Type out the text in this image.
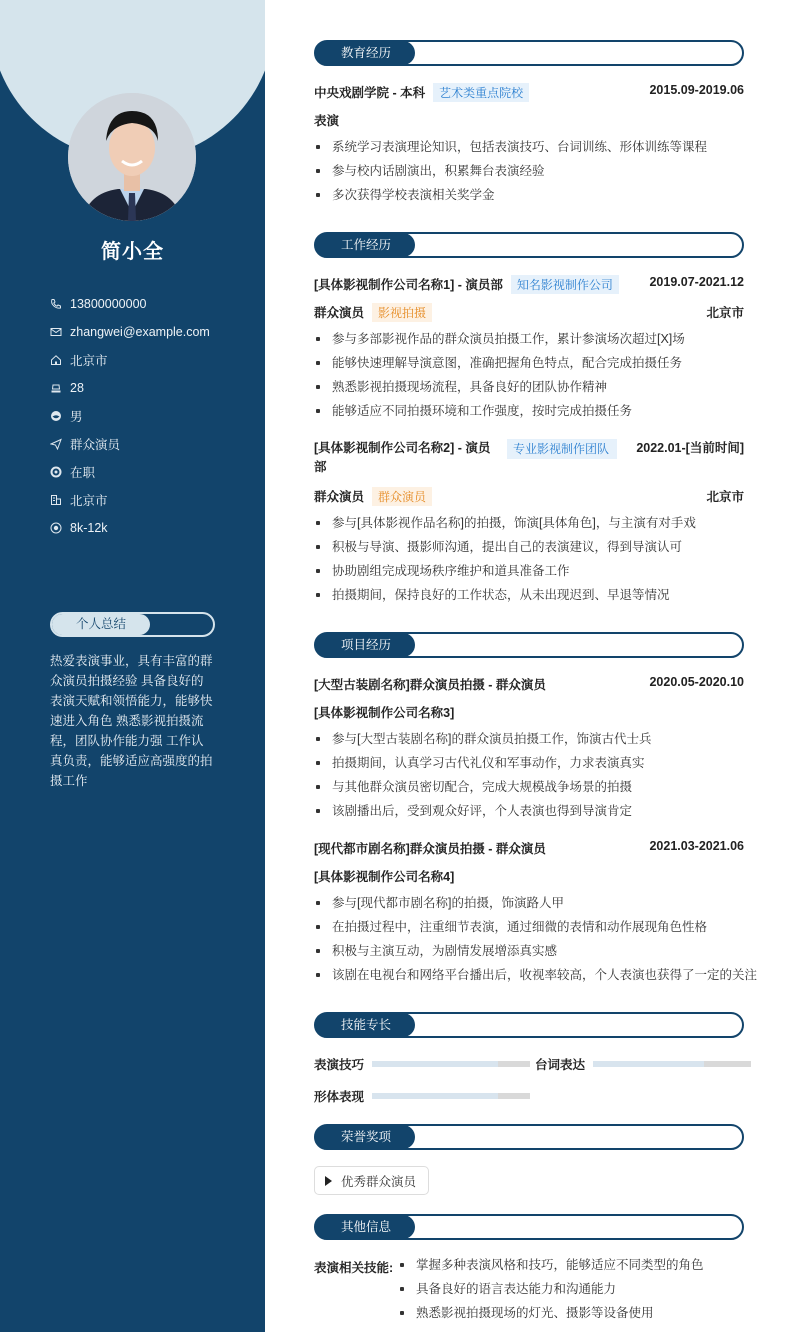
简小全
13800000000
zhangwei@example.com
北京市
28
男
群众演员
在职
北京市
8k-12k
个人总结
热爱表演事业，具有丰富的群众演员拍摄经验 具备良好的表演天赋和领悟能力，能够快速进入角色 熟悉影视拍摄流程，团队协作能力强 工作认真负责，能够适应高强度的拍摄工作
教育经历
中央戏剧学院 - 本科	艺术类重点院校	2015.09-2019.06
表演
系统学习表演理论知识，包括表演技巧、台词训练、形体训练等课程
参与校内话剧演出，积累舞台表演经验
多次获得学校表演相关奖学金
工作经历
[具体影视制作公司名称1] - 演员部	知名影视制作公司	2019.07-2021.12
群众演员	影视拍摄	北京市
参与多部影视作品的群众演员拍摄工作，累计参演场次超过[X]场
能够快速理解导演意图，准确把握角色特点，配合完成拍摄任务
熟悉影视拍摄现场流程，具备良好的团队协作精神
能够适应不同拍摄环境和工作强度，按时完成拍摄任务
[具体影视制作公司名称2] - 演员部
专业影视制作团队	2022.01-[当前时间]
群众演员	群众演员	北京市
参与[具体影视作品名称]的拍摄，饰演[具体角色]，与主演有对手戏
积极与导演、摄影师沟通，提出自己的表演建议，得到导演认可
协助剧组完成现场秩序维护和道具准备工作
拍摄期间，保持良好的工作状态，从未出现迟到、早退等情况
项目经历
[大型古装剧名称]群众演员拍摄 - 群众演员	2020.05-2020.10
[具体影视制作公司名称3]
参与[大型古装剧名称]的群众演员拍摄工作，饰演古代士兵
拍摄期间，认真学习古代礼仪和军事动作，力求表演真实
与其他群众演员密切配合，完成大规模战争场景的拍摄
该剧播出后，受到观众好评，个人表演也得到导演肯定
[现代都市剧名称]群众演员拍摄 - 群众演员	2021.03-2021.06
[具体影视制作公司名称4]
参与[现代都市剧名称]的拍摄，饰演路人甲
在拍摄过程中，注重细节表演，通过细微的表情和动作展现角色性格
积极与主演互动，为剧情发展增添真实感
该剧在电视台和网络平台播出后，收视率较高，个人表演也获得了一定的关注
技能专长
表演技巧	台词表达
形体表现
荣誉奖项
优秀群众演员
其他信息
表演相关技能:	掌握多种表演风格和技巧，能够适应不同类型的角色
具备良好的语言表达能力和沟通能力
熟悉影视拍摄现场的灯光、摄影等设备使用
